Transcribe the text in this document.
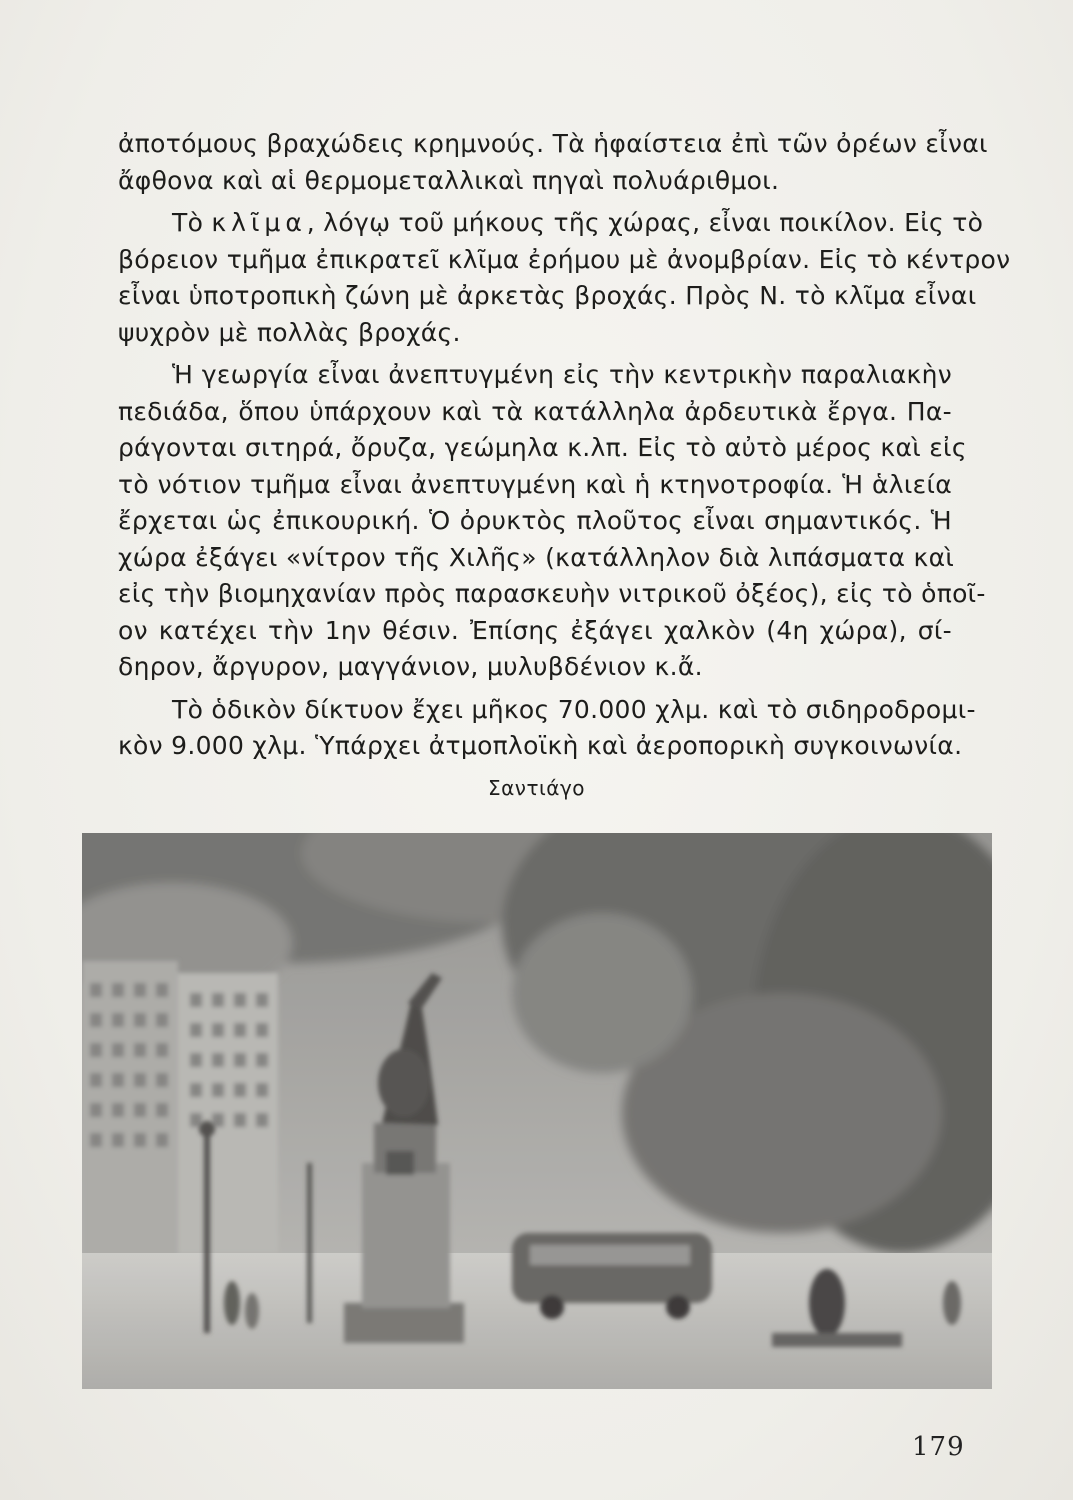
ἀποτόμους βραχώδεις κρημνούς. Τὰ ἡφαίστεια ἐπὶ τῶν ὀρέων εἶναι
ἄφθονα καὶ αἱ θερμομεταλλικαὶ πηγαὶ πολυάριθμοι.

Τὸ κλῖμα, λόγῳ τοῦ μήκους τῆς χώρας, εἶναι ποικίλον. Εἰς τὸ
βόρειον τμῆμα ἐπικρατεῖ κλῖμα ἐρήμου μὲ ἀνομβρίαν. Εἰς τὸ κέντρον
εἶναι ὑποτροπικὴ ζώνη μὲ ἀρκετὰς βροχάς. Πρὸς Ν. τὸ κλῖμα εἶναι
ψυχρὸν μὲ πολλὰς βροχάς.

Ἡ γεωργία εἶναι ἀνεπτυγμένη εἰς τὴν κεντρικὴν παραλιακὴν
πεδιάδα, ὅπου ὑπάρχουν καὶ τὰ κατάλληλα ἀρδευτικὰ ἔργα. Πα-
ράγονται σιτηρά, ὄρυζα, γεώμηλα κ.λπ. Εἰς τὸ αὐτὸ μέρος καὶ εἰς
τὸ νότιον τμῆμα εἶναι ἀνεπτυγμένη καὶ ἡ κτηνοτροφία. Ἡ ἁλιεία
ἔρχεται ὡς ἐπικουρική. Ὁ ὀρυκτὸς πλοῦτος εἶναι σημαντικός. Ἡ
χώρα ἐξάγει «νίτρον τῆς Χιλῆς» (κατάλληλον διὰ λιπάσματα καὶ
εἰς τὴν βιομηχανίαν πρὸς παρασκευὴν νιτρικοῦ ὀξέος), εἰς τὸ ὁποῖ-
ον κατέχει τὴν 1ην θέσιν. Ἐπίσης ἐξάγει χαλκὸν (4η χώρα), σί-
δηρον, ἄργυρον, μαγγάνιον, μυλυβδένιον κ.ἄ.

Τὸ ὁδικὸν δίκτυον ἔχει μῆκος 70.000 χλμ. καὶ τὸ σιδηροδρομι-
κὸν 9.000 χλμ. Ὑπάρχει ἀτμοπλοϊκὴ καὶ ἀεροπορικὴ συγκοινωνία.

Σαντιάγο
179
